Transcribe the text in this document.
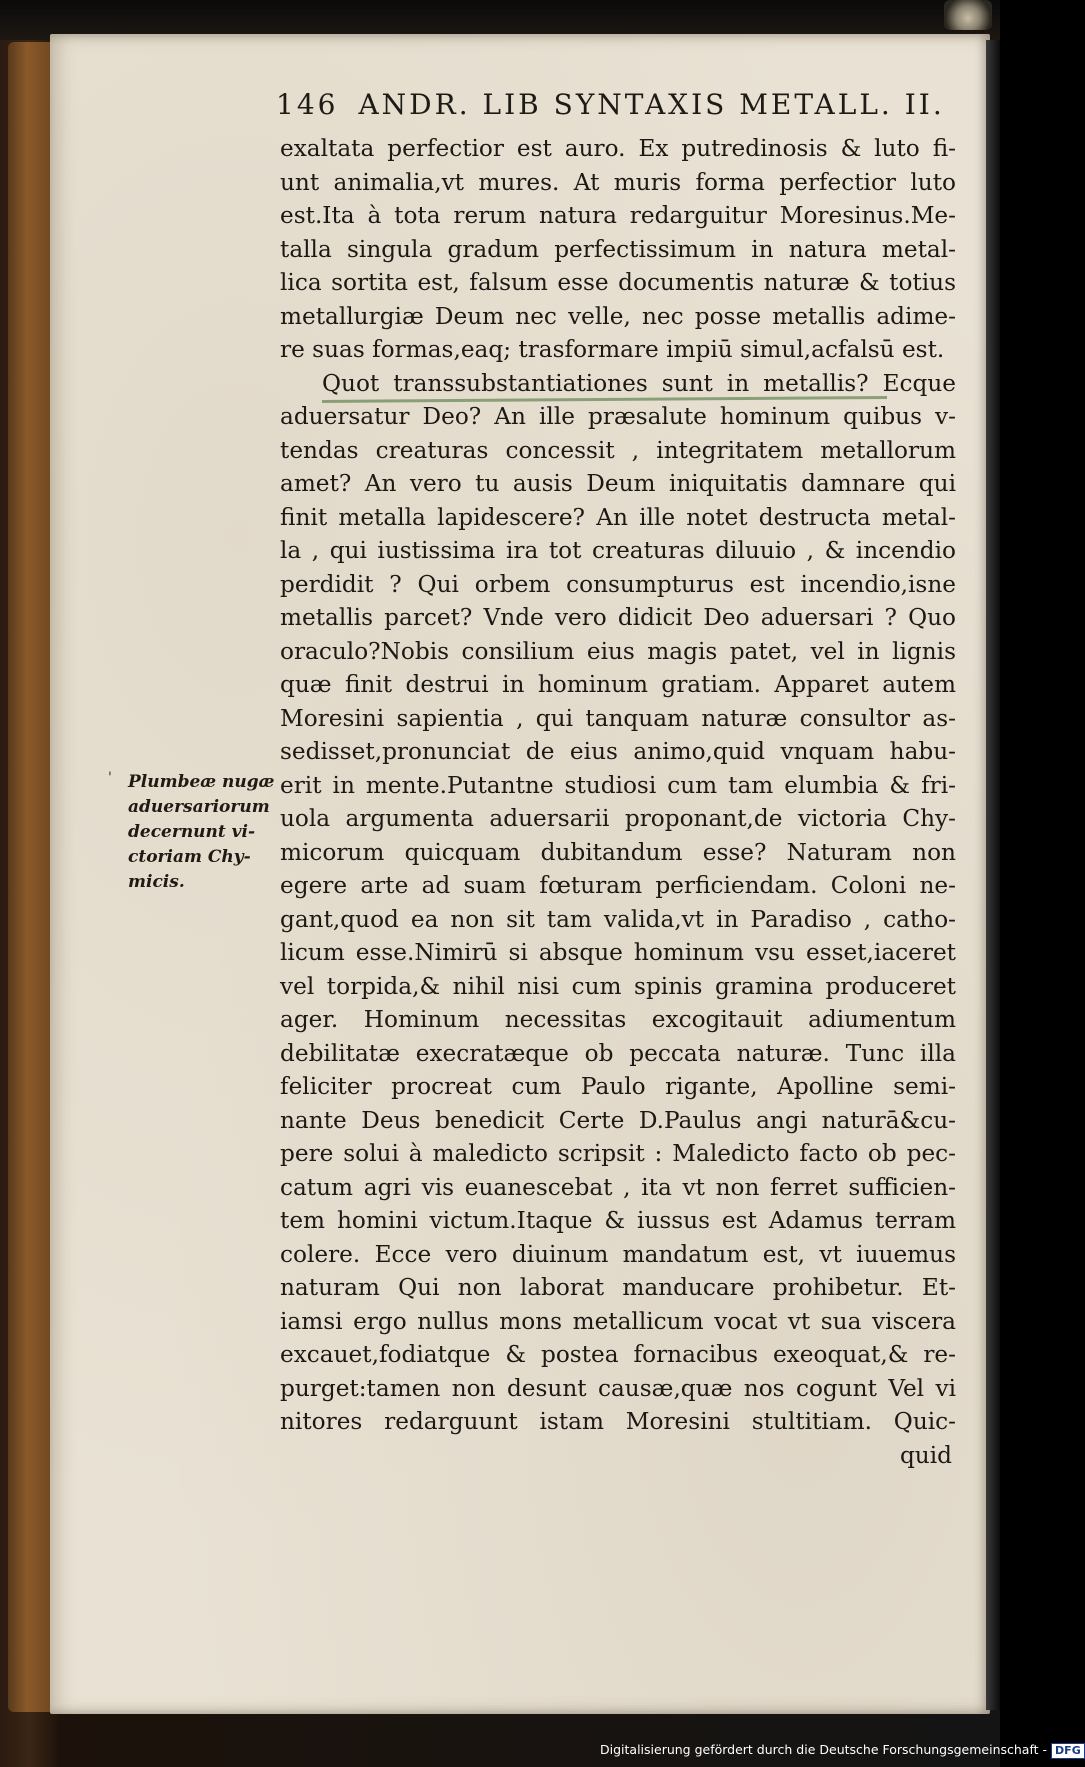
146 ANDR. LIB SYNTAXIS METALL. II.
exaltata perfectior est auro. Ex putredinosis & luto fi-
unt animalia,vt mures. At muris forma perfectior luto
est.Ita à tota rerum natura redarguitur Moresinus.Me-
talla singula gradum perfectissimum in natura metal-
lica sortita est, falsum esse documentis naturæ & totius
metallurgiæ Deum nec velle, nec posse metallis adime-
re suas formas,eaq; trasformare impiū simul,acfalsū est.
Quot transsubstantiationes sunt in metallis? Ecque
aduersatur Deo? An ille præsalute hominum quibus v-
tendas creaturas concessit , integritatem metallorum
amet? An vero tu ausis Deum iniquitatis damnare qui
finit metalla lapidescere? An ille notet destructa metal-
la , qui iustissima ira tot creaturas diluuio , & incendio
perdidit ? Qui orbem consumpturus est incendio,isne
metallis parcet? Vnde vero didicit Deo aduersari ? Quo
oraculo?Nobis consilium eius magis patet, vel in lignis
quæ finit destrui in hominum gratiam. Apparet autem
Moresini sapientia , qui tanquam naturæ consultor as-
sedisset,pronunciat de eius animo,quid vnquam habu-
erit in mente.Putantne studiosi cum tam elumbia & fri-
uola argumenta aduersarii proponant,de victoria Chy-
micorum quicquam dubitandum esse? Naturam non
egere arte ad suam fœturam perficiendam. Coloni ne-
gant,quod ea non sit tam valida,vt in Paradiso , catho-
licum esse.Nimirū si absque hominum vsu esset,iaceret
vel torpida,& nihil nisi cum spinis gramina produceret
ager. Hominum necessitas excogitauit adiumentum
debilitatæ execratæque ob peccata naturæ. Tunc illa
feliciter procreat cum Paulo rigante, Apolline semi-
nante Deus benedicit Certe D.Paulus angi naturā&cu-
pere solui à maledicto scripsit : Maledicto facto ob pec-
catum agri vis euanescebat , ita vt non ferret sufficien-
tem homini victum.Itaque & iussus est Adamus terram
colere. Ecce vero diuinum mandatum est, vt iuuemus
naturam Qui non laborat manducare prohibetur. Et-
iamsi ergo nullus mons metallicum vocat vt sua viscera
excauet,fodiatque & postea fornacibus exeoquat,& re-
purget:tamen non desunt causæ,quæ nos cogunt Vel vi
nitores redarguunt istam Moresini stultitiam. Quic-
quid
' Plumbeæ nugæ
aduersariorum
decernunt vi-
ctoriam Chy-
micis.
Digitalisierung gefördert durch die Deutsche Forschungsgemeinschaft - DFG
